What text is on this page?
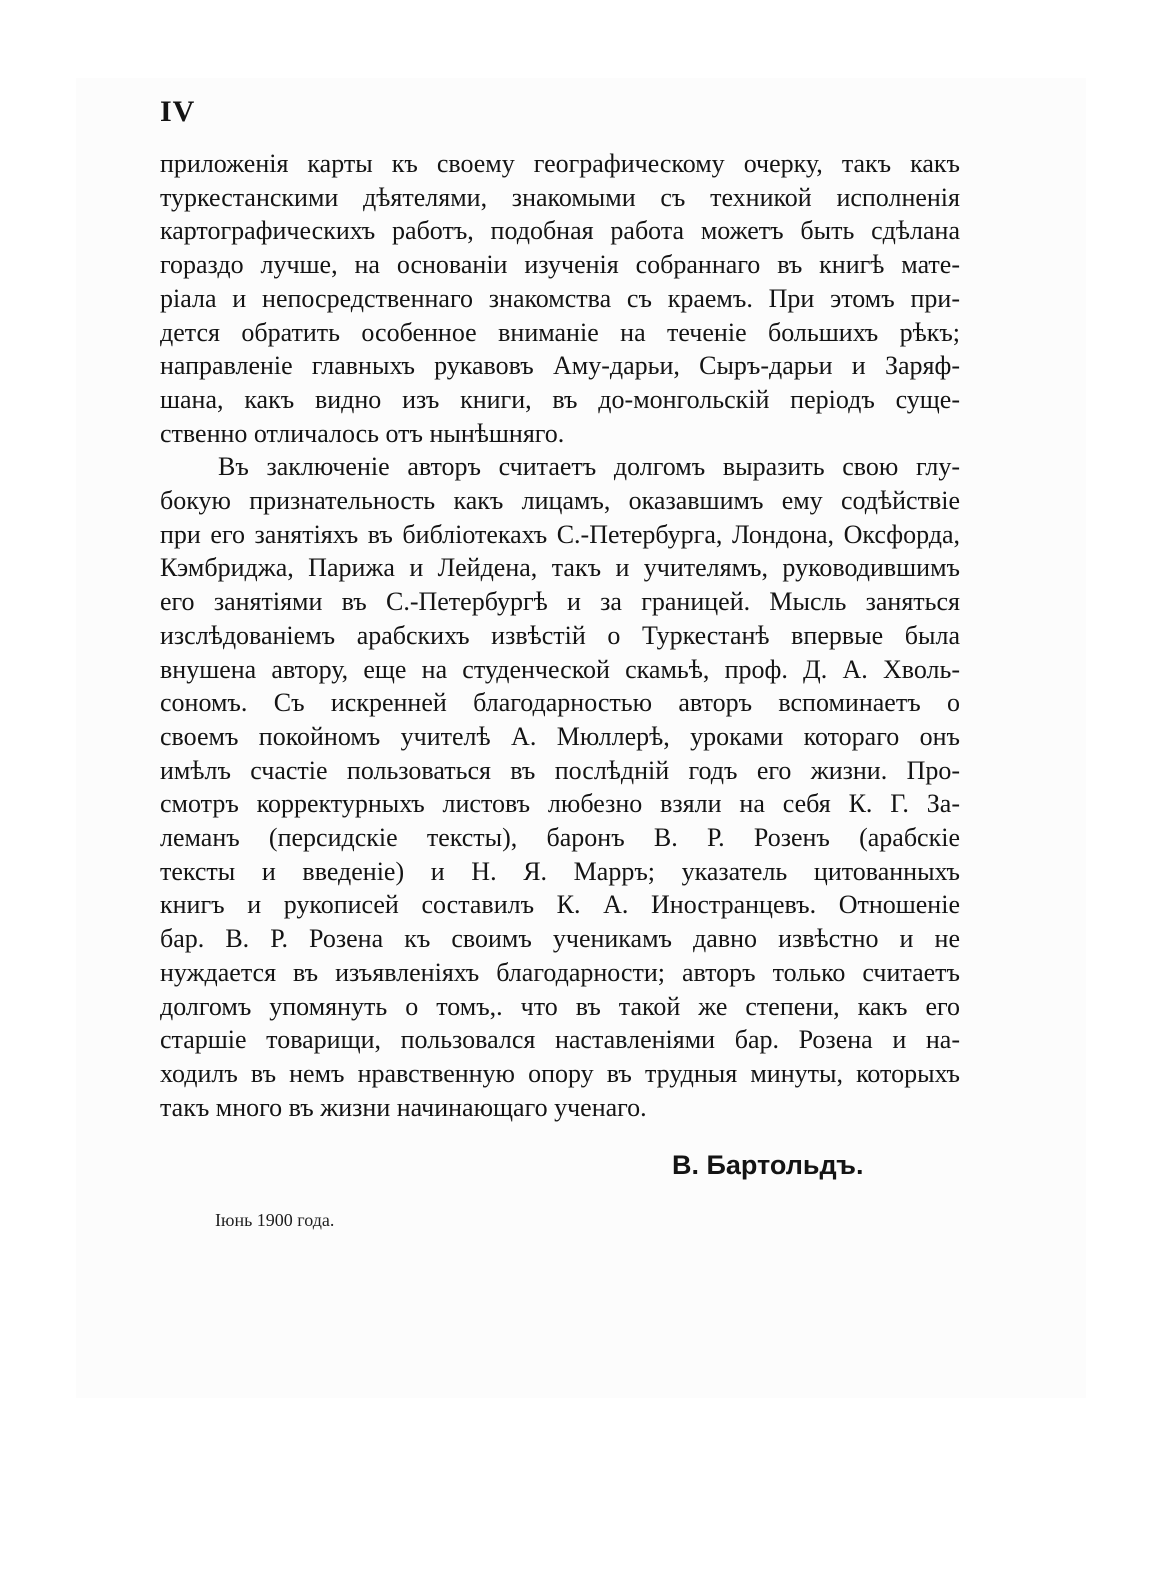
IV
приложенія карты къ своему географическому очерку, такъ какъ
туркестанскими дѣятелями, знакомыми съ техникой исполненія
картографическихъ работъ, подобная работа можетъ быть сдѣлана
гораздо лучше, на основаніи изученія собраннаго въ книгѣ мате-
ріала и непосредственнаго знакомства съ краемъ. При этомъ при-
дется обратить особенное вниманіе на теченіе большихъ рѣкъ;
направленіе главныхъ рукавовъ Аму-дарьи, Сыръ-дарьи и Заряф-
шана, какъ видно изъ книги, въ до-монгольскій періодъ суще-
ственно отличалось отъ нынѣшняго.
Въ заключеніе авторъ считаетъ долгомъ выразить свою глу-
бокую признательность какъ лицамъ, оказавшимъ ему содѣйствіе
при его занятіяхъ въ библіотекахъ С.-Петербурга, Лондона, Оксфорда,
Кэмбриджа, Парижа и Лейдена, такъ и учителямъ, руководившимъ
его занятіями въ С.-Петербургѣ и за границей. Мысль заняться
изслѣдованіемъ арабскихъ извѣстій о Туркестанѣ впервые была
внушена автору, еще на студенческой скамьѣ, проф. Д. А. Хволь-
сономъ. Съ искренней благодарностью авторъ вспоминаетъ о
своемъ покойномъ учителѣ А. Мюллерѣ, уроками котораго онъ
имѣлъ счастіе пользоваться въ послѣдній годъ его жизни. Про-
смотръ корректурныхъ листовъ любезно взяли на себя К. Г. За-
леманъ (персидскіе тексты), баронъ В. Р. Розенъ (арабскіе
тексты и введеніе) и Н. Я. Марръ; указатель цитованныхъ
книгъ и рукописей составилъ К. А. Иностранцевъ. Отношеніе
бар. В. Р. Розена къ своимъ ученикамъ давно извѣстно и не
нуждается въ изъявленіяхъ благодарности; авторъ только считаетъ
долгомъ упомянуть о томъ,. что въ такой же степени, какъ его
старшіе товарищи, пользовался наставленіями бар. Розена и на-
ходилъ въ немъ нравственную опору въ трудныя минуты, которыхъ
такъ много въ жизни начинающаго ученаго.
В. Бартольдъ.
Іюнь 1900 года.
